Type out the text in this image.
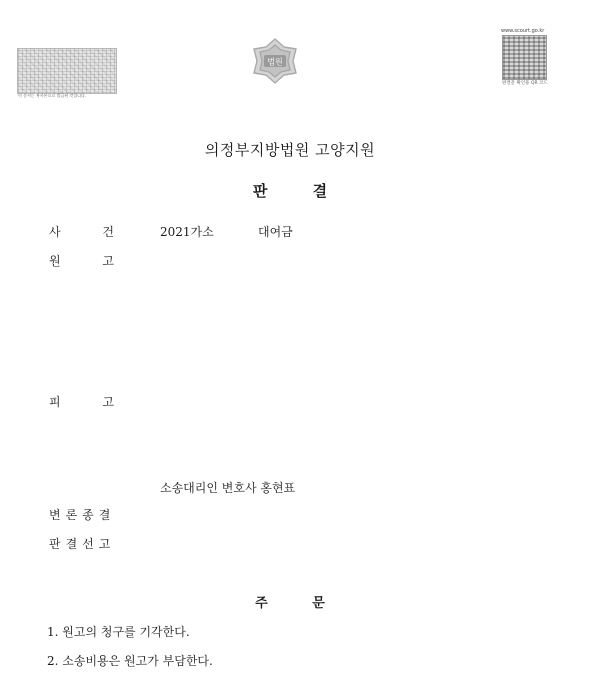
이 문서는 복사본으로 발급된 것입니다.
법원
www.scourt.go.kr
판결문 확인용 QR 코드
의정부지방법원 고양지원
판 결
사 건	2021가소	대여금
원 고
피 고
소송대리인 변호사 홍현표
변론종결
판결선고
주 문
1. 원고의 청구를 기각한다.
2. 소송비용은 원고가 부담한다.
